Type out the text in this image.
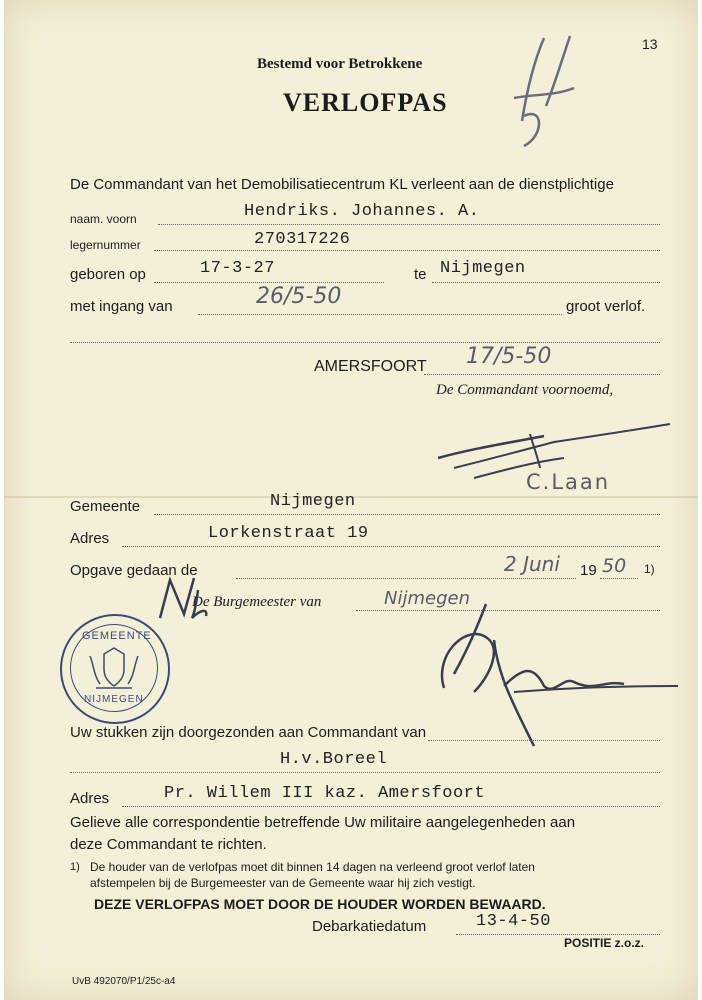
13
Bestemd voor Betrokkene
VERLOFPAS
De Commandant van het Demobilisatiecentrum KL verleent aan de dienstplichtige
naam. voorn	Hendriks. Johannes. A.
legernummer	270317226
geboren op	17-3-27	te Nijmegen
met ingang van	26/5-50	groot verlof.
AMERSFOORT 17/5-50
De Commandant voornoemd,
C.Laan
Gemeente	Nijmegen
Adres	Lorkenstraat 19
Opgave gedaan de	2 Juni 19 50 1)
De Burgemeester van	Nijmegen
GEMEENTE
NIJMEGEN
Uw stukken zijn doorgezonden aan Commandant van
H.v.Boreel
Adres	Pr. Willem III kaz. Amersfoort
Gelieve alle correspondentie betreffende Uw militaire aangelegenheden aan
deze Commandant te richten.
1) De houder van de verlofpas moet dit binnen 14 dagen na verleend groot verlof laten
afstempelen bij de Burgemeester van de Gemeente waar hij zich vestigt.
DEZE VERLOFPAS MOET DOOR DE HOUDER WORDEN BEWAARD.
Debarkatiedatum	13-4-50
POSITIE z.o.z.
UvB 492070/P1/25c-a4
